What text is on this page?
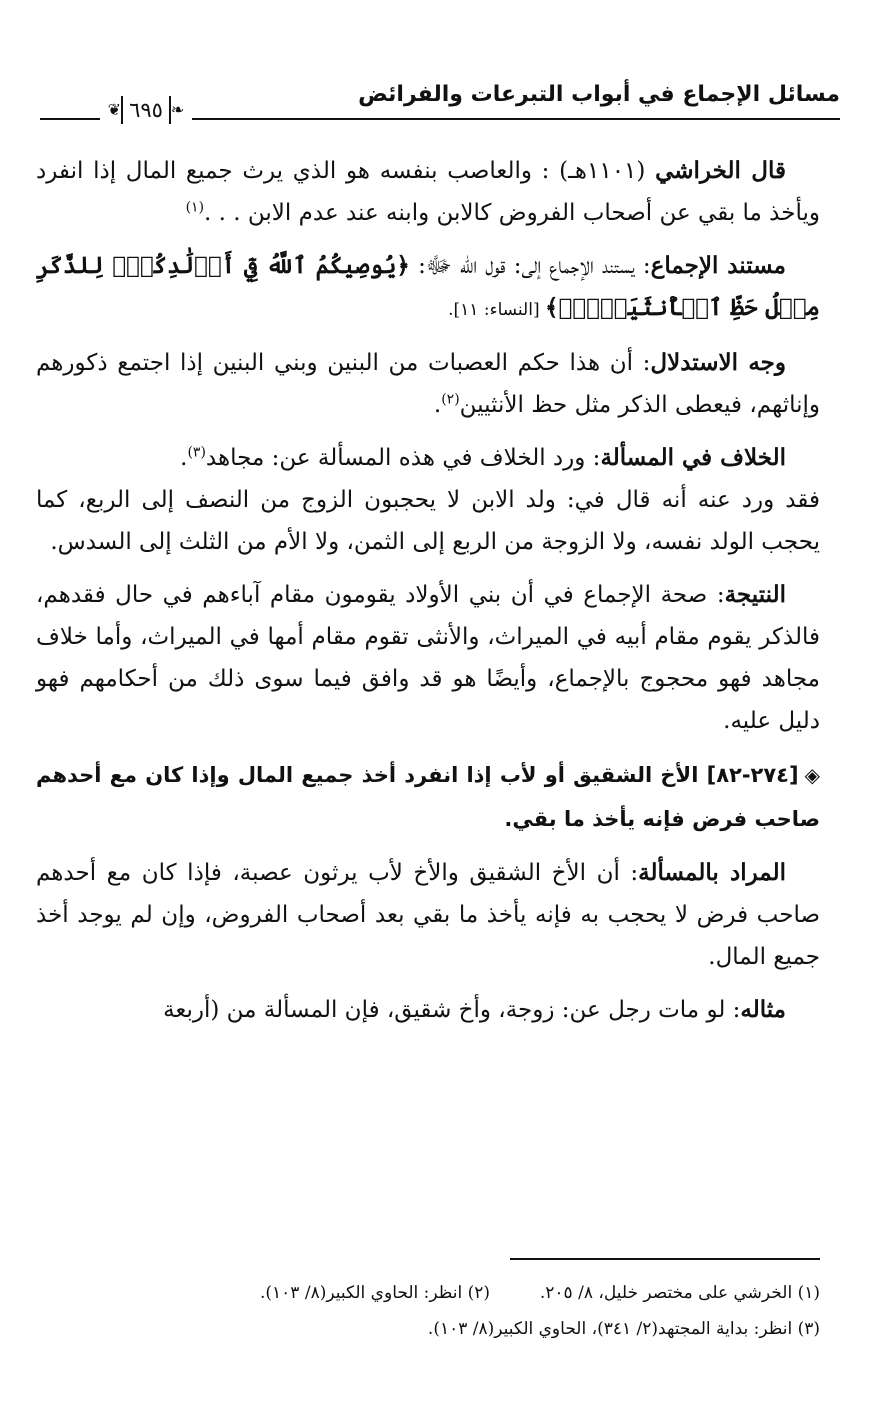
مسائل الإجماع في أبواب التبرعات والفرائض
❦ ٦٩٥ ❧

قال الخراشي (١١٠١هـ) : والعاصب بنفسه هو الذي يرث جميع المال إذا انفرد ويأخذ ما بقي عن أصحاب الفروض كالابن وابنه عند عدم الابن . . .$^{(١)}$

مستند الإجماع: يستند الإجماع إلى: قول الله ﷻ: ﴿يُوصِيكُمُ ٱللَّهُ فِيٓ أَوۡلَٰدِكُمۡۖ لِلذَّكَرِ مِثۡلُ حَظِّ ٱلۡأُنثَيَيۡنِۚ﴾ [النساء: ١١].

وجه الاستدلال: أن هذا حكم العصبات من البنين وبني البنين إذا اجتمع ذكورهم وإناثهم، فيعطى الذكر مثل حظ الأنثيين$^{(٢)}$.

الخلاف في المسألة: ورد الخلاف في هذه المسألة عن: مجاهد$^{(٣)}$.

فقد ورد عنه أنه قال في: ولد الابن لا يحجبون الزوج من النصف إلى الربع، كما يحجب الولد نفسه، ولا الزوجة من الربع إلى الثمن، ولا الأم من الثلث إلى السدس.

النتيجة: صحة الإجماع في أن بني الأولاد يقومون مقام آباءهم في حال فقدهم، فالذكر يقوم مقام أبيه في الميراث، والأنثى تقوم مقام أمها في الميراث، وأما خلاف مجاهد فهو محجوج بالإجماع، وأيضًا هو قد وافق فيما سوى ذلك من أحكامهم فهو دليل عليه.

◈[٢٧٤-٨٢] الأخ الشقيق أو لأب إذا انفرد أخذ جميع المال وإذا كان مع أحدهم صاحب فرض فإنه يأخذ ما بقي.

المراد بالمسألة: أن الأخ الشقيق والأخ لأب يرثون عصبة، فإذا كان مع أحدهم صاحب فرض لا يحجب به فإنه يأخذ ما بقي بعد أصحاب الفروض، وإن لم يوجد أخذ جميع المال.

مثاله: لو مات رجل عن: زوجة، وأخ شقيق، فإن المسألة من (أربعة

(١) الخرشي على مختصر خليل، ٨/ ٢٠٥.
(٢) انظر: الحاوي الكبير(٨/ ١٠٣).
(٣) انظر: بداية المجتهد(٢/ ٣٤١)، الحاوي الكبير(٨/ ١٠٣).
